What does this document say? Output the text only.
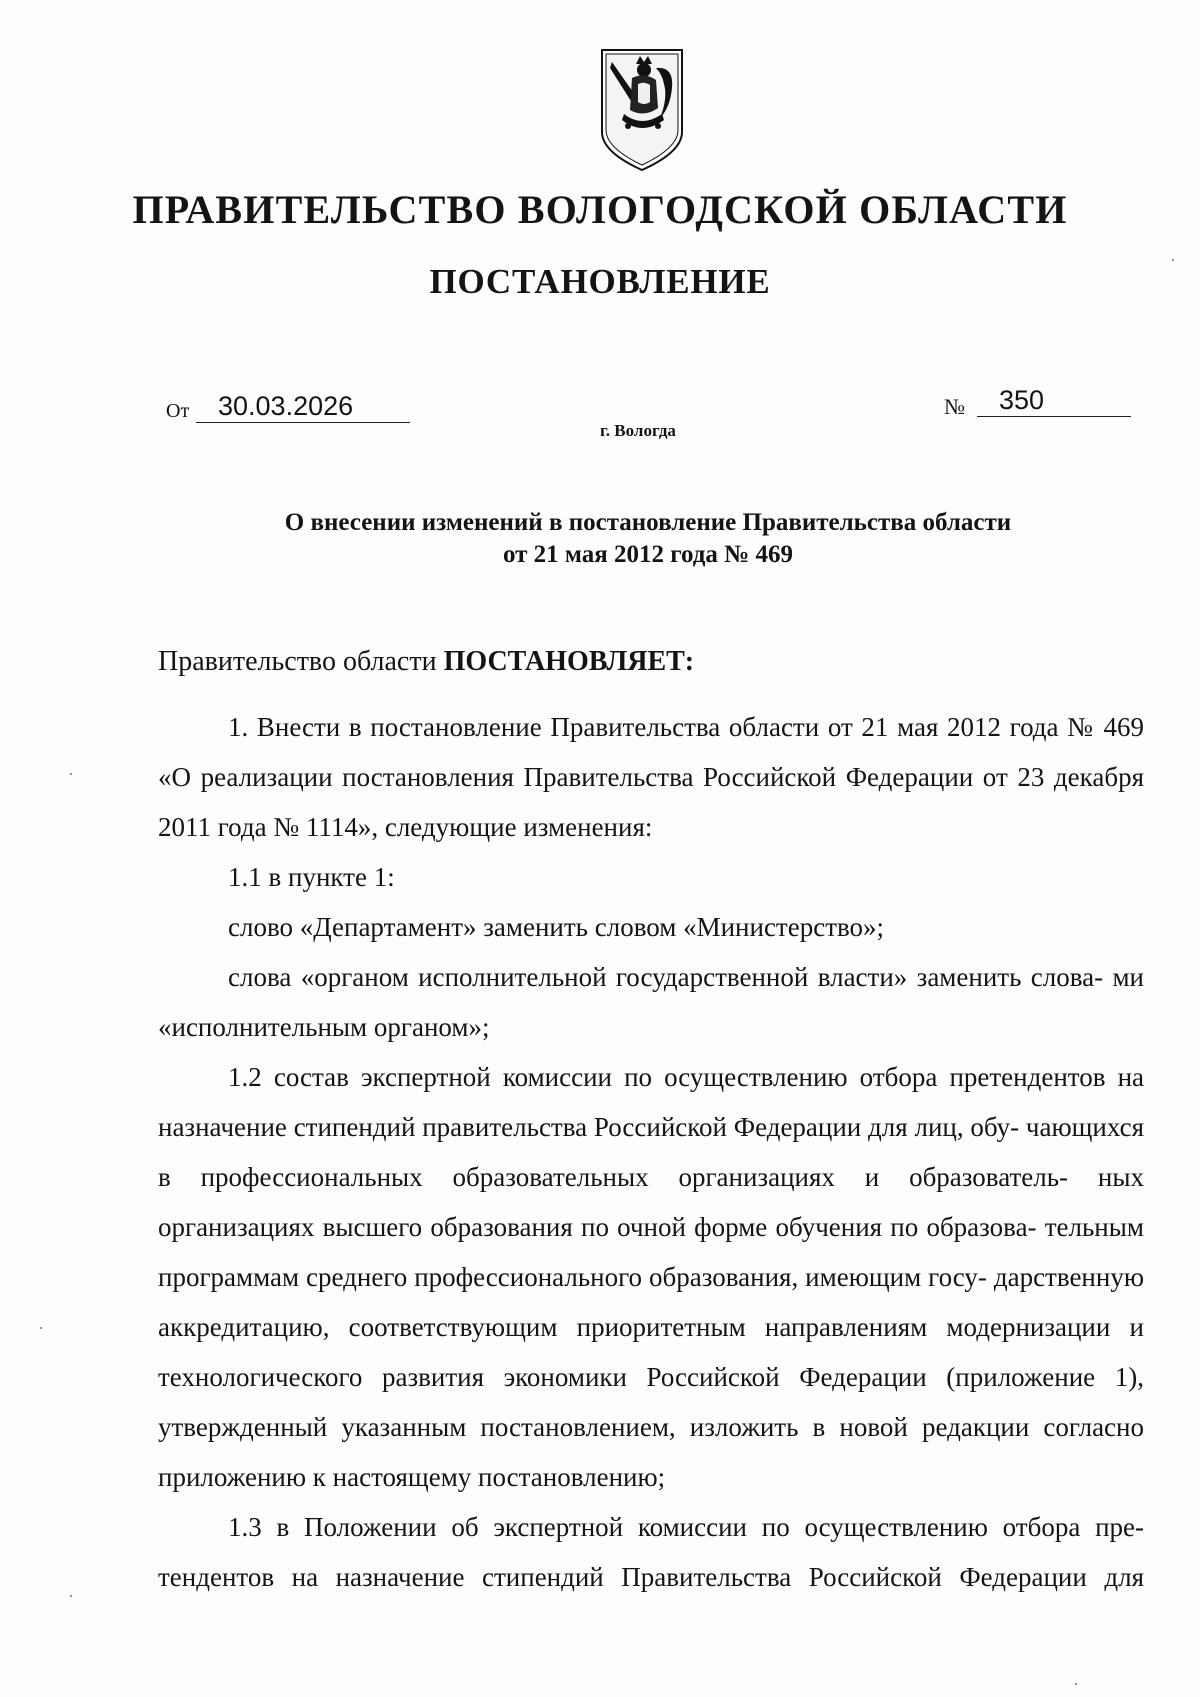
ПРАВИТЕЛЬСТВО ВОЛОГОДСКОЙ ОБЛАСТИ
ПОСТАНОВЛЕНИЕ
От	30.03.2026	№	350
г. Вологда
О внесении изменений в постановление Правительства области
от 21 мая 2012 года № 469

Правительство области ПОСТАНОВЛЯЕТ:

1. Внести в постановление Правительства области от 21 мая 2012 года № 469 «О реализации постановления Правительства Российской Федерации от 23 декабря 2011 года № 1114», следующие изменения:

1.1 в пункте 1:

слово «Департамент» заменить словом «Министерство»;

слова «органом исполнительной государственной власти» заменить слова- ми «исполнительным органом»;

1.2 состав экспертной комиссии по осуществлению отбора претендентов на назначение стипендий правительства Российской Федерации для лиц, обу- чающихся в профессиональных образовательных организациях и образователь- ных организациях высшего образования по очной форме обучения по образова- тельным программам среднего профессионального образования, имеющим госу- дарственную аккредитацию, соответствующим приоритетным направлениям модернизации и технологического развития экономики Российской Федерации (приложение 1), утвержденный указанным постановлением, изложить в новой редакции согласно приложению к настоящему постановлению;

1.3 в Положении об экспертной комиссии по осуществлению отбора пре- тендентов на назначение стипендий Правительства Российской Федерации для
